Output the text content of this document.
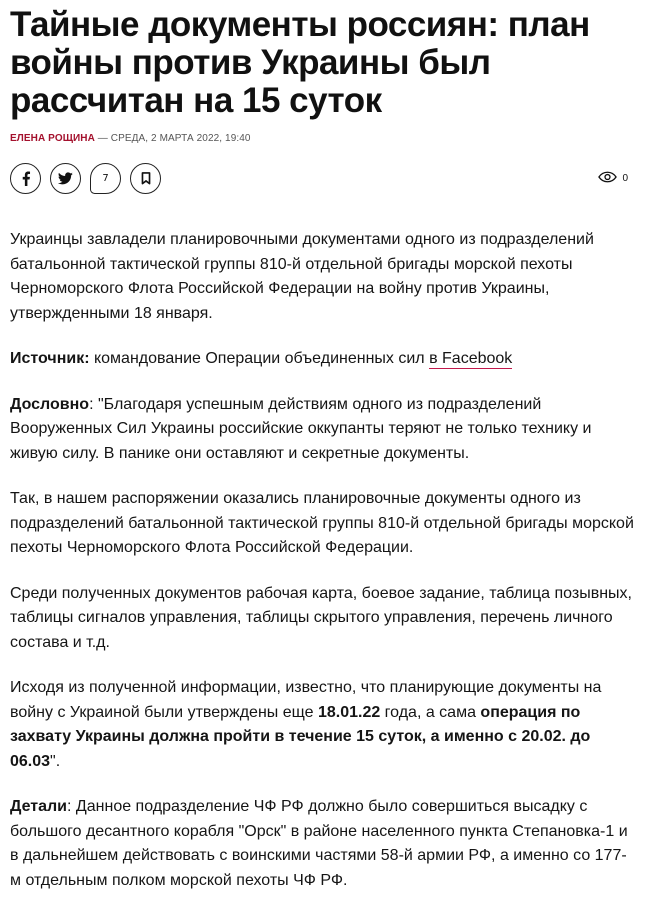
Тайные документы россиян: план войны против Украины был рассчитан на 15 суток
ЕЛЕНА РОЩИНА — СРЕДА, 2 МАРТА 2022, 19:40
7	0

Украинцы завладели планировочными документами одного из подразделений батальонной тактической группы 810-й отдельной бригады морской пехоты Черноморского Флота Российской Федерации на войну против Украины, утвержденными 18 января.

Источник: командование Операции объединенных сил в Facebook

Дословно: "Благодаря успешным действиям одного из подразделений Вооруженных Сил Украины российские оккупанты теряют не только технику и живую силу. В панике они оставляют и секретные документы.

Так, в нашем распоряжении оказались планировочные документы одного из подразделений батальонной тактической группы 810-й отдельной бригады морской пехоты Черноморского Флота Российской Федерации.

Среди полученных документов рабочая карта, боевое задание, таблица позывных, таблицы сигналов управления, таблицы скрытого управления, перечень личного состава и т.д.

Исходя из полученной информации, известно, что планирующие документы на войну с Украиной были утверждены еще 18.01.22 года, а сама операция по захвату Украины должна пройти в течение 15 суток, а именно с 20.02. до 06.03".

Детали: Данное подразделение ЧФ РФ должно было совершиться высадку с большого десантного корабля "Орск" в районе населенного пункта Степановка-1 и в дальнейшем действовать с воинскими частями 58-й армии РФ, а именно со 177-м отдельным полком морской пехоты ЧФ РФ.
